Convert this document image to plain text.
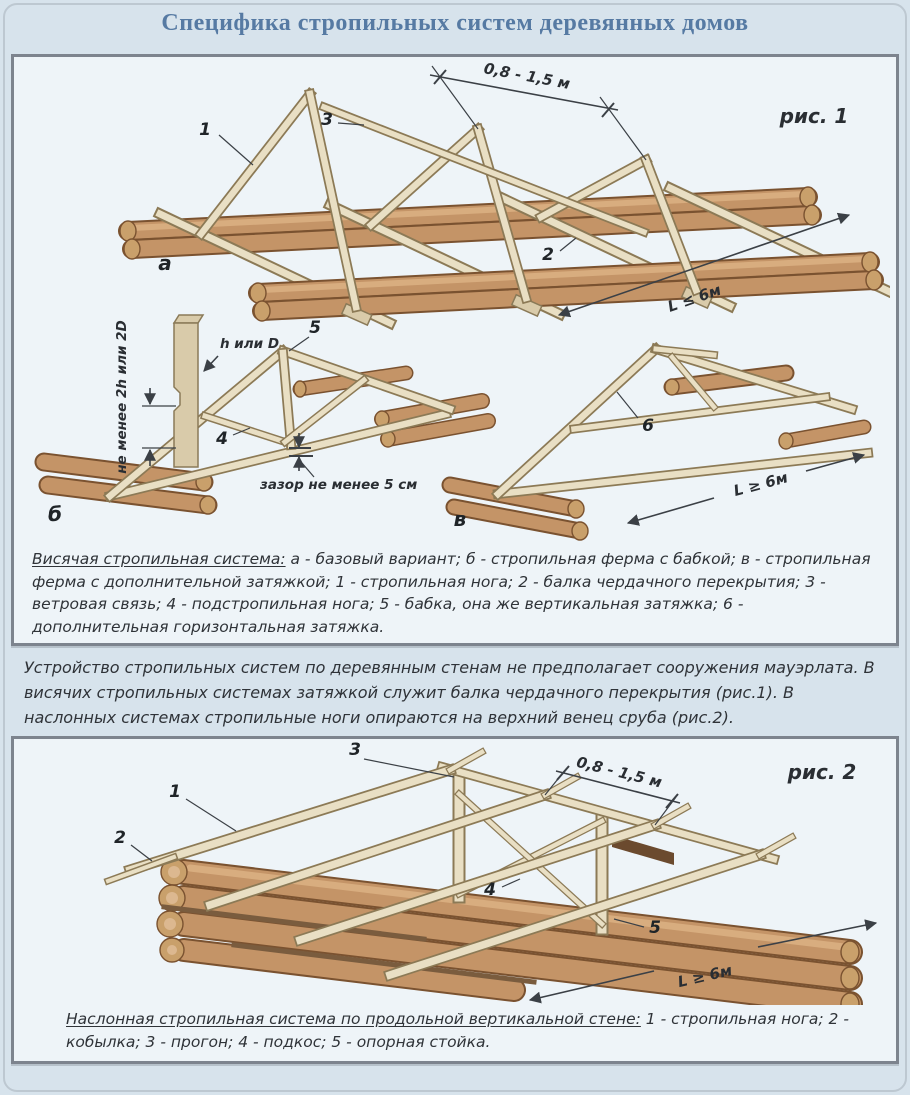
Специфика стропильных систем деревянных домов
0,8 - 1,5 м
L ≤ 6м
1	3
2
а
рис. 1
зазор не менее 5 см
h или D
не менее 2h или 2D	5
4
б
L ≥ 6м
6
в
Висячая стропильная система: а - базовый вариант; б - стропильная ферма с бабкой; в - стропильная ферма с дополнительной затяжкой; 1 - стропильная нога; 2 - балка чердачного перекрытия; 3 - ветровая связь; 4 - подстропильная нога; 5 - бабка, она же вертикальная затяжка; 6 - дополнительная горизонтальная затяжка.
Устройство стропильных систем по деревянным стенам не предполагает сооружения мауэрлата. В висячих стропильных системах затяжкой служит балка чердачного перекрытия (рис.1). В наслонных системах стропильные ноги опираются на верхний венец сруба (рис.2).
0,8 - 1,5 м
L ≥ 6м
1
2
3
4
5
рис. 2
Наслонная стропильная система по продольной вертикальной стене: 1 - стропильная нога; 2 - кобылка; 3 - прогон; 4 - подкос; 5 - опорная стойка.
